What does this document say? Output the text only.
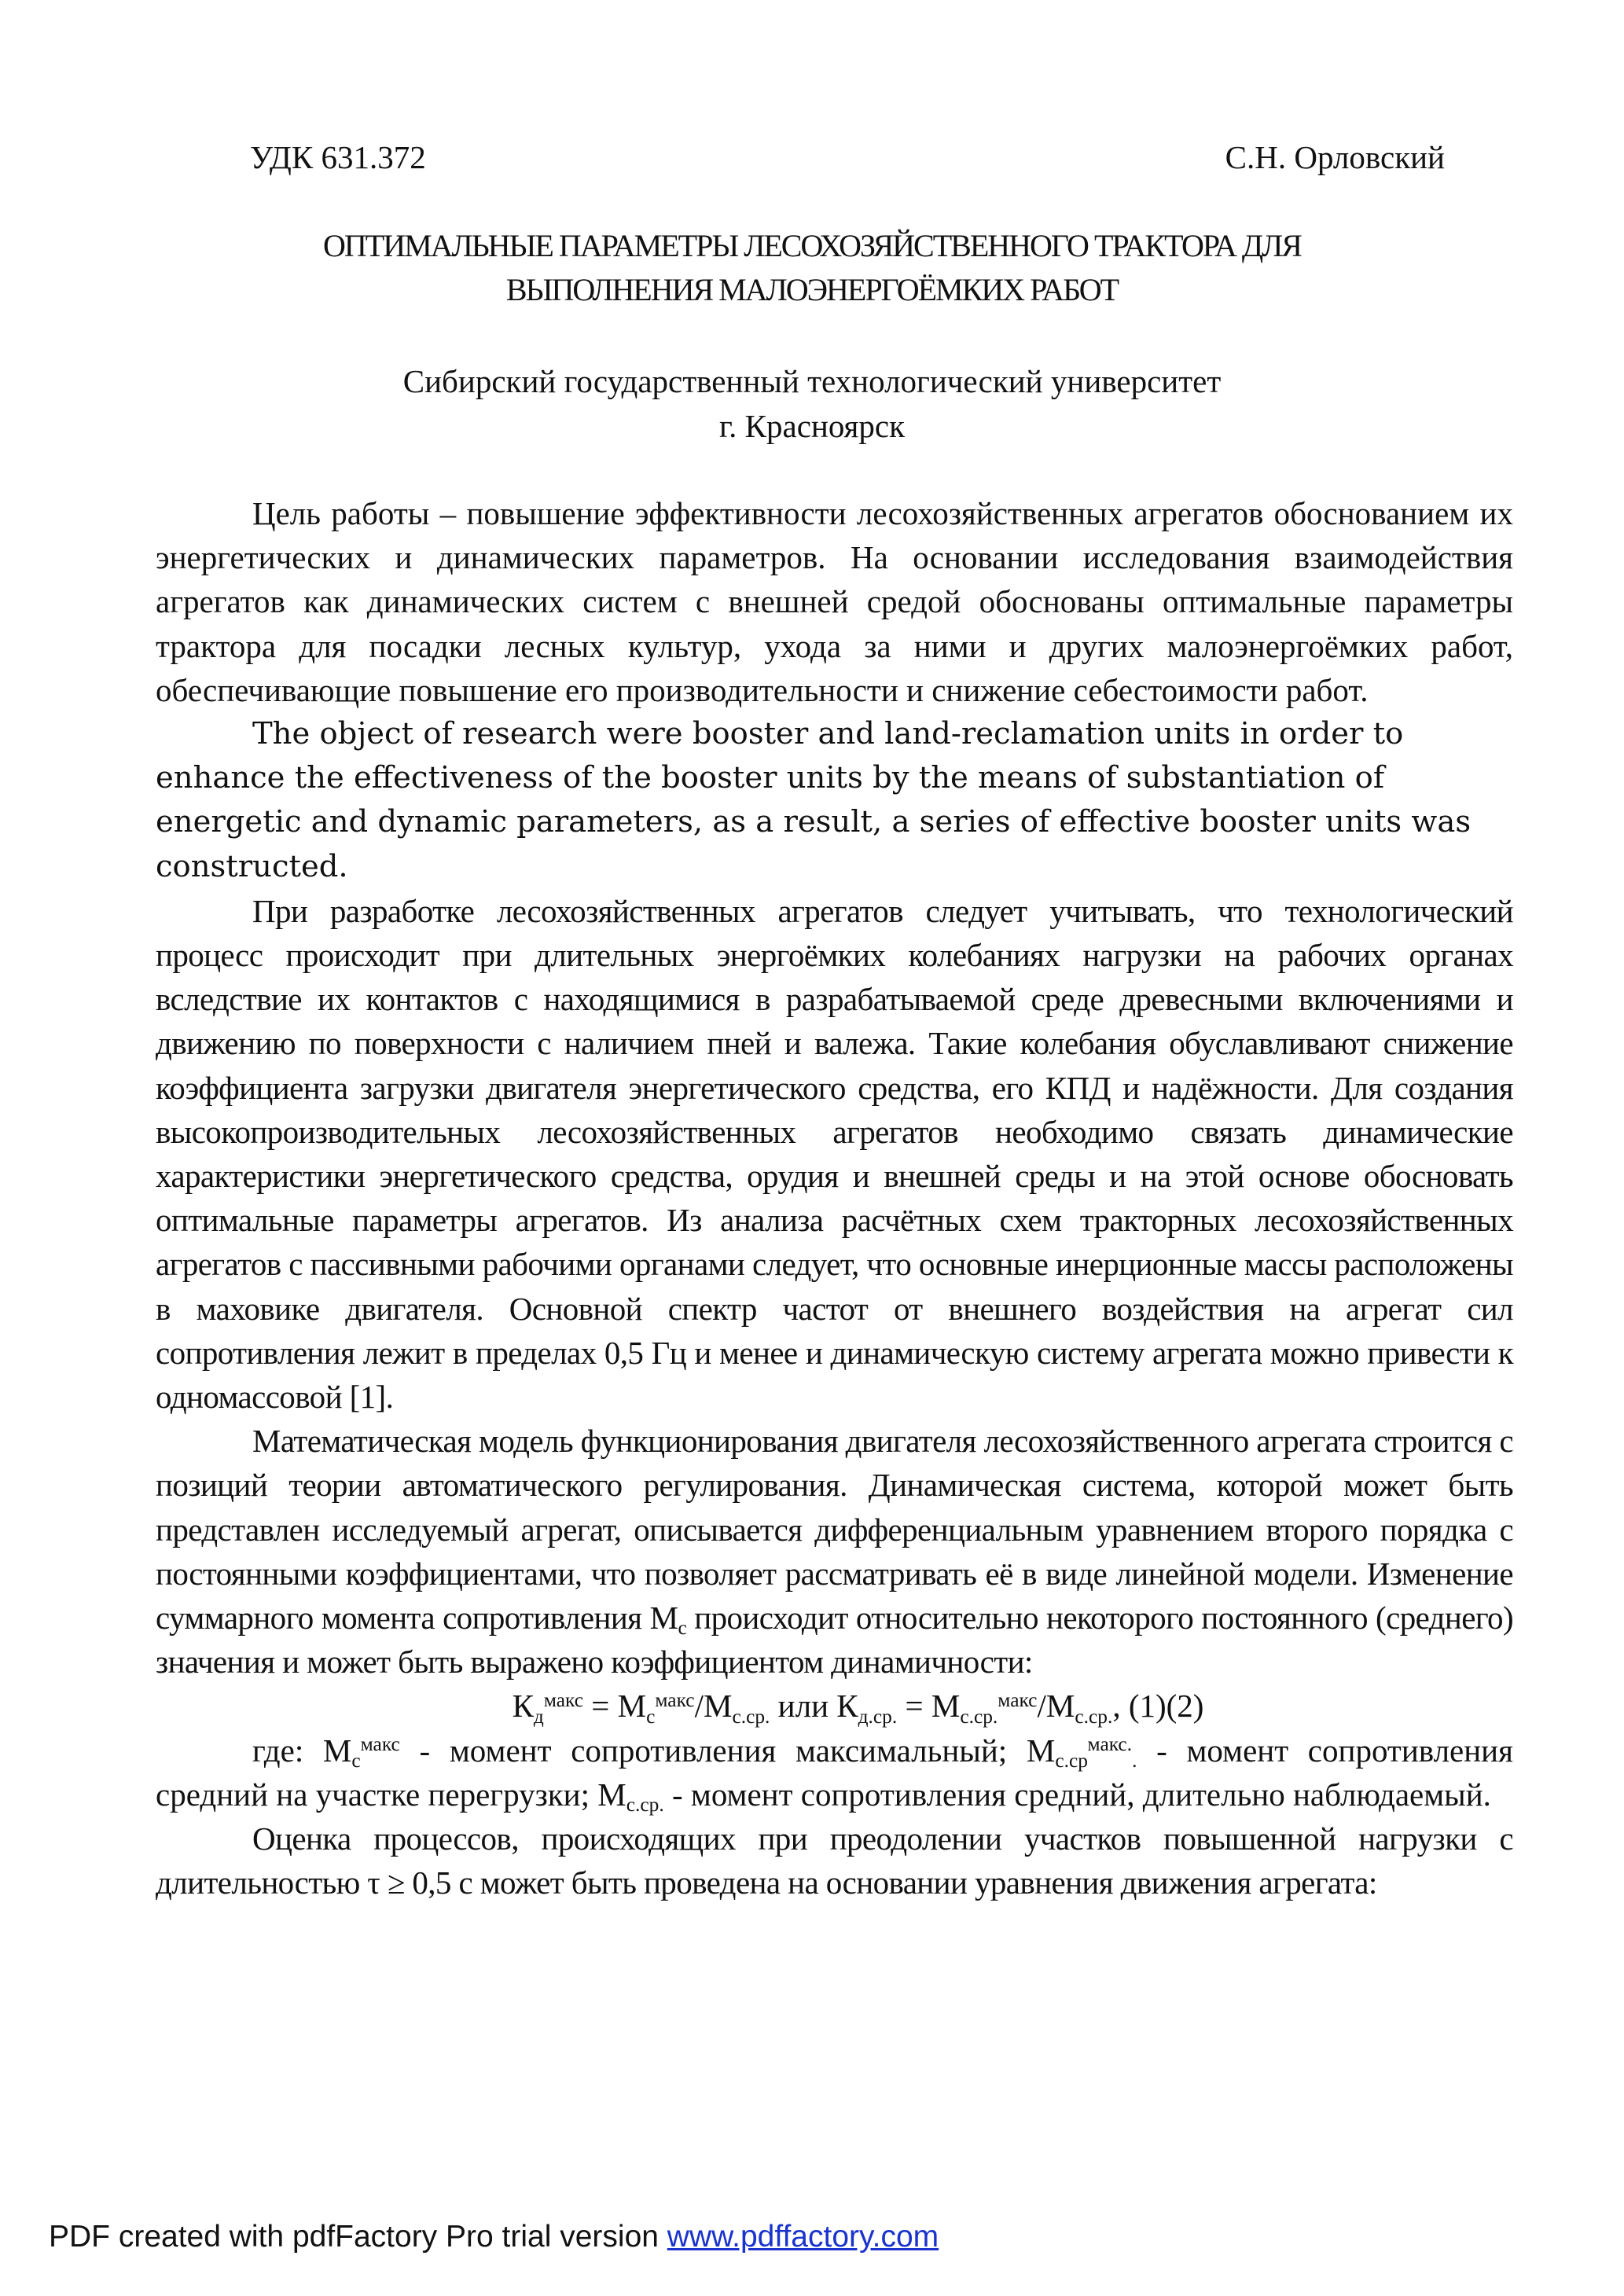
УДК 631.372	С.Н. Орловский
ОПТИМАЛЬНЫЕ ПАРАМЕТРЫ ЛЕСОХОЗЯЙСТВЕННОГО ТРАКТОРА ДЛЯ
ВЫПОЛНЕНИЯ МАЛОЭНЕРГОЁМКИХ РАБОТ
Сибирский государственный технологический университет
г. Красноярск

Цель работы – повышение эффективности лесохозяйственных агрегатов обоснованием их энергетических и динамических параметров. На основании исследования взаимодействия агрегатов как динамических систем с внешней средой обоснованы оптимальные параметры трактора для посадки лесных культур, ухода за ними и других малоэнергоёмких работ, обеспечивающие повышение его производительности и снижение себестоимости работ.

The object of research were booster and land-reclamation units in order to enhance the effectiveness of the booster units by the means of substantiation of energetic and dynamic parameters, as a result, a series of effective booster units was constructed.

При разработке лесохозяйственных агрегатов следует учитывать, что технологический процесс происходит при длительных энергоёмких колебаниях нагрузки на рабочих органах вследствие их контактов с находящимися в разрабатываемой среде древесными включениями и движению по поверхности с наличием пней и валежа. Такие колебания обуславливают снижение коэффициента загрузки двигателя энергетического средства, его КПД и надёжности. Для создания высокопроизводительных лесохозяйственных агрегатов необходимо связать динамические характеристики энергетического средства, орудия и внешней среды и на этой основе обосновать оптимальные параметры агрегатов. Из анализа расчётных схем тракторных лесохозяйственных агрегатов с пассивными рабочими органами следует, что основные инерционные массы расположены в маховике двигателя. Основной спектр частот от внешнего воздействия на агрегат сил сопротивления лежит в пределах 0,5 Гц и менее и динамическую систему агрегата можно привести к одномассовой [1].

Математическая модель функционирования двигателя лесохозяйственного агрегата строится с позиций теории автоматического регулирования. Динамическая система, которой может быть представлен исследуемый агрегат, описывается дифференциальным уравнением второго порядка с постоянными коэффициентами, что позволяет рассматривать её в виде линейной модели. Изменение суммарного момента сопротивления $M_c$ происходит относительно некоторого постоянного (среднего) значения и может быть выражено коэффициентом динамичности:

$К_д^{макс} = M_c^{макс}/M_{с.ср.}$ или $К_{д.ср.} = M_{с.ср.}^{макс}/M_{с.ср.}$, (1)(2)

где: $M_c^{макс}$ - момент сопротивления максимальный; $M_{с.ср}^{макс.}_.$ - момент сопротивления средний на участке перегрузки; $M_{с.ср.}$ - момент сопротивления средний, длительно наблюдаемый.

Оценка процессов, происходящих при преодолении участков повышенной нагрузки с длительностью τ ≥ 0,5 с может быть проведена на основании уравнения движения агрегата:

PDF created with pdfFactory Pro trial version www.pdffactory.com
